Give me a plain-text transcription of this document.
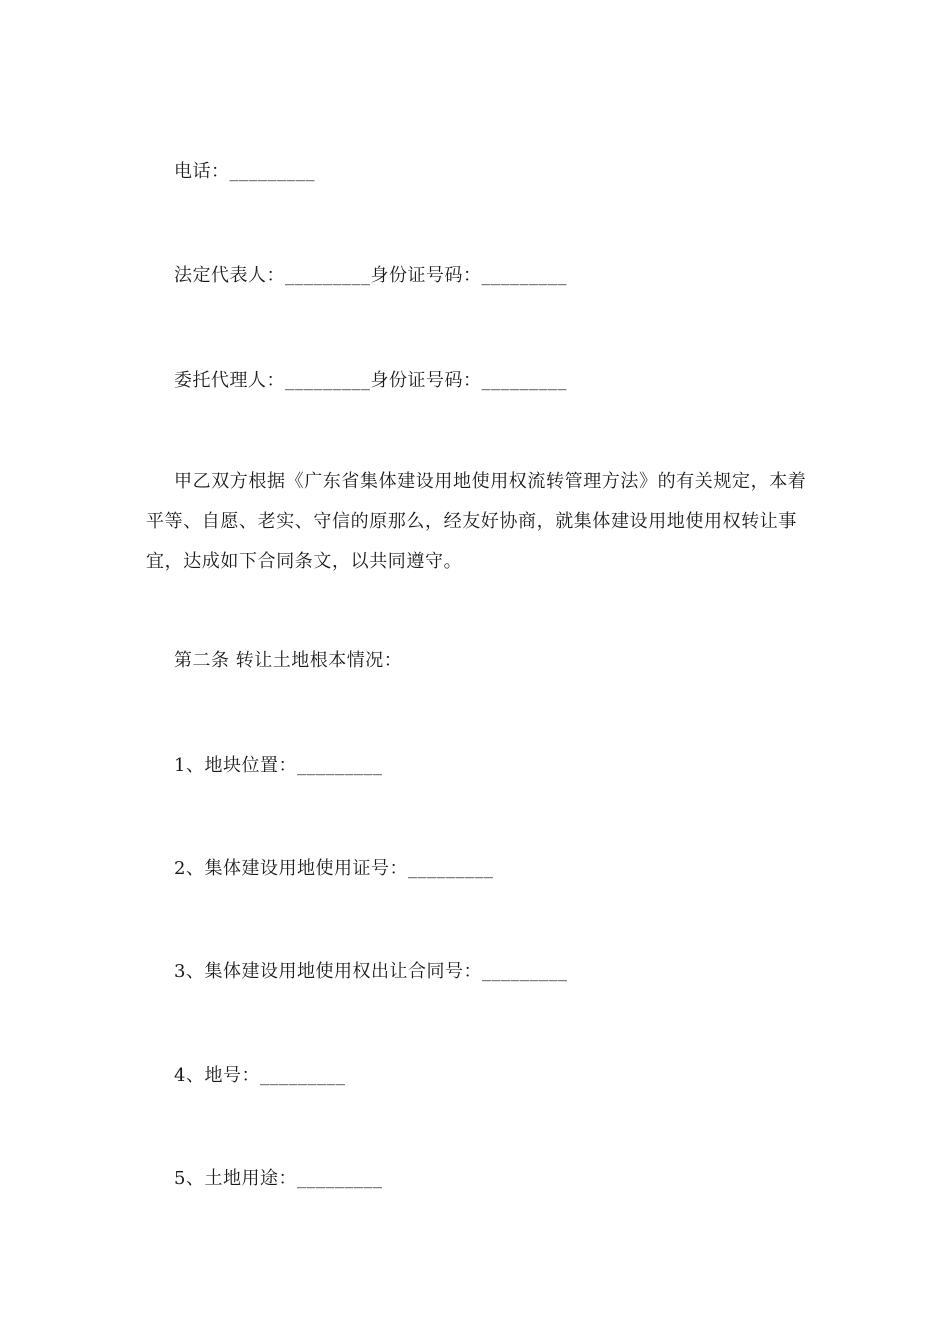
电话：_________
法定代表人：_________身份证号码：_________
委托代理人：_________身份证号码：_________
甲乙双方根据《广东省集体建设用地使用权流转管理方法》的有关规定，本着平等、自愿、老实、守信的原那么，经友好协商，就集体建设用地使用权转让事宜，达成如下合同条文，以共同遵守。
第二条 转让土地根本情况：
1、地块位置：_________
2、集体建设用地使用证号：_________
3、集体建设用地使用权出让合同号：_________
4、地号：_________
5、土地用途：_________
